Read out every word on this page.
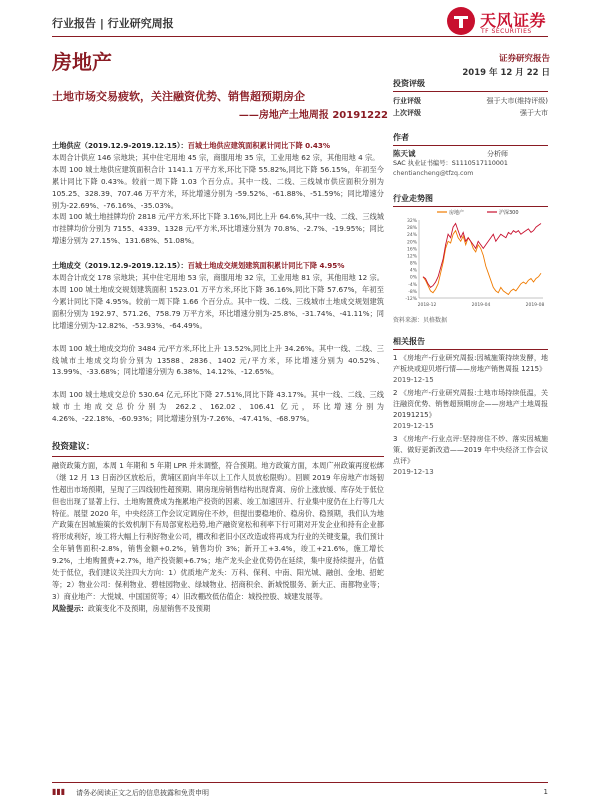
行业报告 | 行业研究周报	天风证券
TF SECURITIES
房地产	证券研究报告
2019 年 12 月 22 日
土地市场交易疲软，关注融资优势、销售超预期房企
——房地产土地周报 20191222

土地供应（2019.12.9-2019.12.15）：百城土地供应建筑面积累计同比下降 0.43%

本周合计供应 146 宗地块；其中住宅用地 45 宗，商服用地 35 宗，工业用地 62 宗，其他用地 4 宗。

本周 100 城土地供应建筑面积合计 1141.1 万平方米,环比下降 55.82%,同比下降 56.15%，年初至今累计同比下降 0.43%。较前一周下降 1.03 个百分点。其中一线、二线、三线城市供应面积分别为 105.25、328.39、707.46 万平方米，环比增速分别为 -59.52%、-61.88%、-51.59%；同比增速分别为-22.69%、-76.16%、-35.03%。

本周 100 城土地挂牌均价 2818 元/平方米,环比下降 3.16%,同比上升 64.6%,其中一线、二线、三线城市挂牌均价分别为 7155、4339、1328 元/平方米,环比增速分别为 70.8%、-2.7%、-19.95%；同比增速分别为 27.15%、131.68%、51.08%。

土地成交（2019.12.9-2019.12.15）：百城土地成交规划建筑面积累计同比下降 4.95%

本周合计成交 178 宗地块；其中住宅用地 53 宗，商服用地 32 宗，工业用地 81 宗，其他用地 12 宗。

本周 100 城土地成交规划建筑面积 1523.01 万平方米,环比下降 36.16%,同比下降 57.67%，年初至今累计同比下降 4.95%。较前一周下降 1.66 个百分点。其中一线、二线、三线城市土地成交规划建筑面积分别为 192.97、571.26、758.79 万平方米，环比增速分别为-25.8%、-31.74%、-41.11%；同比增速分别为-12.82%、-53.93%、-64.49%。

本周 100 城土地成交均价 3484 元/平方米,环比上升 13.52%,同比上升 34.26%。其中一线、二线、三线城市土地成交均价分别为 13588、2836、1402 元/平方米，环比增速分别为 40.52%、13.99%、-33.68%；同比增速分别为 6.38%、14.12%、-12.65%。

本周 100 城土地成交总价 530.64 亿元,环比下降 27.51%,同比下降 43.17%。其中一线、二线、三线城市土地成交总价分别为 262.2、162.02、106.41 亿元，环比增速分别为 4.26%、-22.18%、-60.93%；同比增速分别为-7.26%、-47.41%、-68.97%。

投资建议：

融资政策方面，本周 1 年期和 5 年期 LPR 并未调整，符合预期。地方政策方面，本周广州政策再度松绑（继 12 月 13 日南沙区放松后，黄埔区面向半年以上工作人员放松限购）。回顾 2019 年房地产市场韧性超出市场预期，呈现了三四线韧性超预期、期房现房销售结构出现背离、房价上涨放缓、库存处于低位但也出现了显著上行、土地购置费成为拖累地产投资的因素、竣工加速回升、行业集中度仍在上行等几大特征。展望 2020 年，中央经济工作会议定调房住不炒，但提出要稳地价、稳房价、稳预期，我们认为地产政策在因城施策的长效机制下有局部宽松趋势,地产融资宽松和利率下行可期对开发企业和持有企业都将形成利好，竣工将大幅上行利好物业公司，棚改和老旧小区改造或将再成为行业的关键变量，我们预计全年销售面积-2.8%，销售金额+0.2%，销售均价 3%；新开工+3.4%，竣工+21.6%，施工增长 9.2%，土地购置费+2.7%，地产投资额+6.7%；地产龙头企业优势仍在延续，集中度持续提升，估值处于低位，我们建议关注四大方向：1）优质地产龙头：万科、保利、中南、阳光城、融创、金地、招蛇等；2）物业公司：保利物业、碧桂园物业、绿城物业、招商积余、新城悦服务、新大正、南都物业等；3）商业地产：大悦城、中国国贸等；4）旧改棚改低估值企：城投控股、城建发展等。

风险提示：政策变化不及预期，房屋销售不及预期

投资评级
行业评级	强于大市(维持评级)
上次评级	强于大市
作者
陈天诚	分析师
SAC 执业证书编号：S1110517110001
chentiancheng@tfzq.com
行业走势图
32%
28%
24%
20%
16%
12%
8%
4%
0%
-4%
-8%
-12%
2018-12	2019-04	2019-08
房地产	沪深300
资料来源：贝格数据
相关报告

1 《房地产-行业研究周报:因城施策持续发酵，地产板块或迎贝塔行情——房地产销售周报 1215》

2019-12-15

2 《房地产-行业研究周报:土地市场持续低温，关注融资优势、销售超预期房企——房地产土地周报 20191215》

2019-12-15

3 《房地产-行业点评:坚持房住不炒、落实因城施策、做好更新改造——2019 年中央经济工作会议点评》

2019-12-13

▮▮▮ 请务必阅读正文之后的信息披露和免责申明	1
